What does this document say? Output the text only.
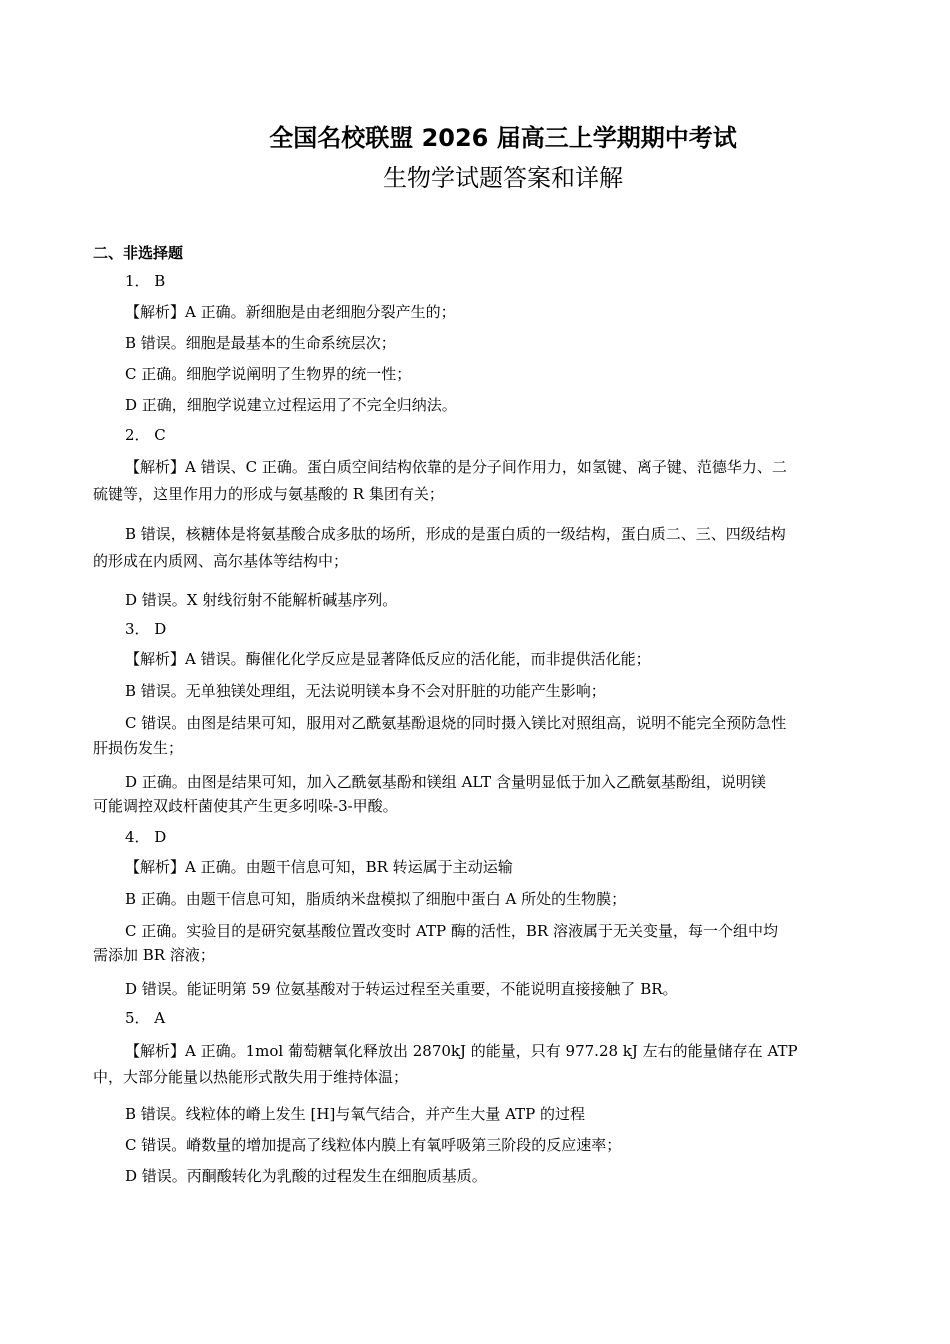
全国名校联盟 2026 届高三上学期期中考试
生物学试题答案和详解
二、非选择题
1． B
【解析】A 正确。新细胞是由老细胞分裂产生的；
B 错误。细胞是最基本的生命系统层次；
C 正确。细胞学说阐明了生物界的统一性；
D 正确，细胞学说建立过程运用了不完全归纳法。
2． C
【解析】A 错误、C 正确。蛋白质空间结构依靠的是分子间作用力，如氢键、离子键、范德华力、二
硫键等，这里作用力的形成与氨基酸的 R 集团有关；
B 错误，核糖体是将氨基酸合成多肽的场所，形成的是蛋白质的一级结构，蛋白质二、三、四级结构
的形成在内质网、高尔基体等结构中；
D 错误。X 射线衍射不能解析碱基序列。
3． D
【解析】A 错误。酶催化化学反应是显著降低反应的活化能，而非提供活化能；
B 错误。无单独镁处理组，无法说明镁本身不会对肝脏的功能产生影响；
C 错误。由图是结果可知，服用对乙酰氨基酚退烧的同时摄入镁比对照组高，说明不能完全预防急性
肝损伤发生；
D 正确。由图是结果可知，加入乙酰氨基酚和镁组 ALT 含量明显低于加入乙酰氨基酚组，说明镁
可能调控双歧杆菌使其产生更多吲哚-3-甲酸。
4． D
【解析】A 正确。由题干信息可知，BR 转运属于主动运输
B 正确。由题干信息可知，脂质纳米盘模拟了细胞中蛋白 A 所处的生物膜；
C 正确。实验目的是研究氨基酸位置改变时 ATP 酶的活性，BR 溶液属于无关变量，每一个组中均
需添加 BR 溶液；
D 错误。能证明第 59 位氨基酸对于转运过程至关重要，不能说明直接接触了 BR。
5． A
【解析】A 正确。1mol 葡萄糖氧化释放出 2870kJ 的能量，只有 977.28 kJ 左右的能量储存在 ATP
中，大部分能量以热能形式散失用于维持体温；
B 错误。线粒体的嵴上发生 [H]与氧气结合，并产生大量 ATP 的过程
C 错误。嵴数量的增加提高了线粒体内膜上有氧呼吸第三阶段的反应速率；
D 错误。丙酮酸转化为乳酸的过程发生在细胞质基质。
